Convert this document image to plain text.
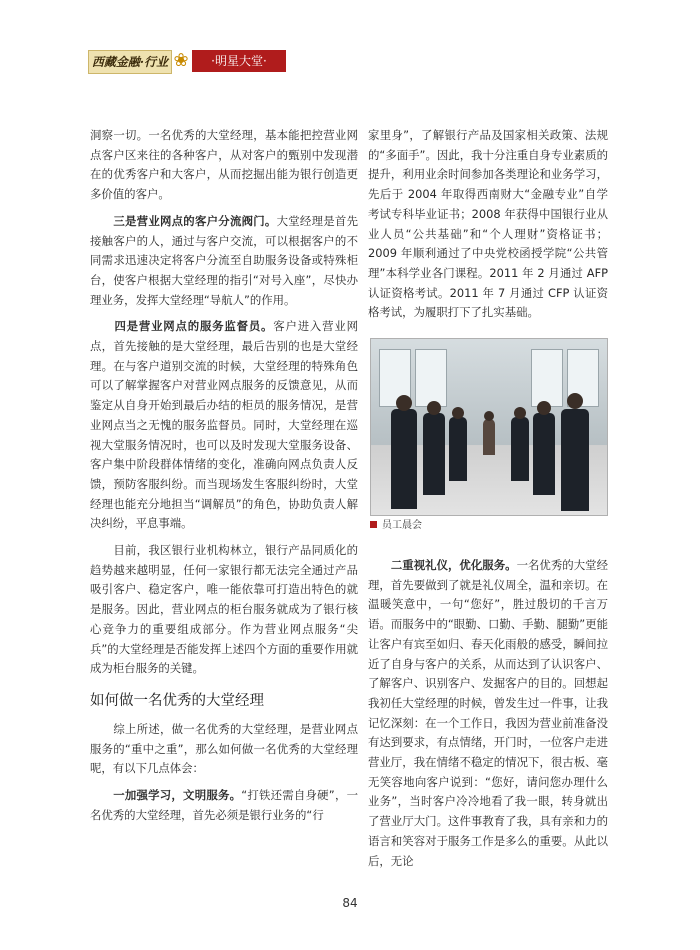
西藏金融·行业 ❀	·明星大堂·

洞察一切。一名优秀的大堂经理，基本能把控营业网点客户区来往的各种客户，从对客户的甄别中发现潜在的优秀客户和大客户，从而挖掘出能为银行创造更多价值的客户。

　　三是营业网点的客户分流阀门。大堂经理是首先接触客户的人，通过与客户交流，可以根据客户的不同需求迅速决定将客户分流至自助服务设备或特殊柜台，使客户根据大堂经理的指引“对号入座”，尽快办理业务，发挥大堂经理“导航人”的作用。

　　四是营业网点的服务监督员。客户进入营业网点，首先接触的是大堂经理，最后告别的也是大堂经理。在与客户道别交流的时候，大堂经理的特殊角色可以了解掌握客户对营业网点服务的反馈意见，从而鉴定从自身开始到最后办结的柜员的服务情况，是营业网点当之无愧的服务监督员。同时，大堂经理在巡视大堂服务情况时，也可以及时发现大堂服务设备、客户集中阶段群体情绪的变化，准确向网点负责人反馈，预防客服纠纷。而当现场发生客服纠纷时，大堂经理也能充分地担当“调解员”的角色，协助负责人解决纠纷，平息事端。

　　目前，我区银行业机构林立，银行产品同质化的趋势越来越明显，任何一家银行都无法完全通过产品吸引客户、稳定客户，唯一能依靠可打造出特色的就是服务。因此，营业网点的柜台服务就成为了银行核心竞争力的重要组成部分。作为营业网点服务“尖兵”的大堂经理是否能发挥上述四个方面的重要作用就成为柜台服务的关键。

如何做一名优秀的大堂经理

　　综上所述，做一名优秀的大堂经理，是营业网点服务的“重中之重”，那么如何做一名优秀的大堂经理呢，有以下几点体会：

　　一加强学习，文明服务。“打铁还需自身硬”，一名优秀的大堂经理，首先必须是银行业务的“行

家里身”，了解银行产品及国家相关政策、法规的“多面手”。因此，我十分注重自身专业素质的提升，利用业余时间参加各类理论和业务学习，先后于 2004 年取得西南财大“金融专业”自学考试专科毕业证书；2008 年获得中国银行业从业人员“公共基础”和“个人理财”资格证书；2009 年顺利通过了中央党校函授学院“公共管理”本科学业各门课程。2011 年 2 月通过 AFP 认证资格考试。2011 年 7 月通过 CFP 认证资格考试，为履职打下了扎实基础。

员工晨会

　　二重视礼仪，优化服务。一名优秀的大堂经理，首先要做到了就是礼仪周全，温和亲切。在温暖笑意中，一句“您好”，胜过殷切的千言万语。而服务中的“眼勤、口勤、手勤、腿勤”更能让客户有宾至如归、春天化雨般的感受，瞬间拉近了自身与客户的关系，从而达到了认识客户、了解客户、识别客户、发掘客户的目的。回想起我初任大堂经理的时候，曾发生过一件事，让我记忆深刻：在一个工作日，我因为营业前准备没有达到要求，有点情绪，开门时，一位客户走进营业厅，我在情绪不稳定的情况下，很古板、毫无笑容地向客户说到：“您好，请问您办理什么业务”，当时客户冷冷地看了我一眼，转身就出了营业厅大门。这件事教育了我，具有亲和力的语言和笑容对于服务工作是多么的重要。从此以后，无论

84
